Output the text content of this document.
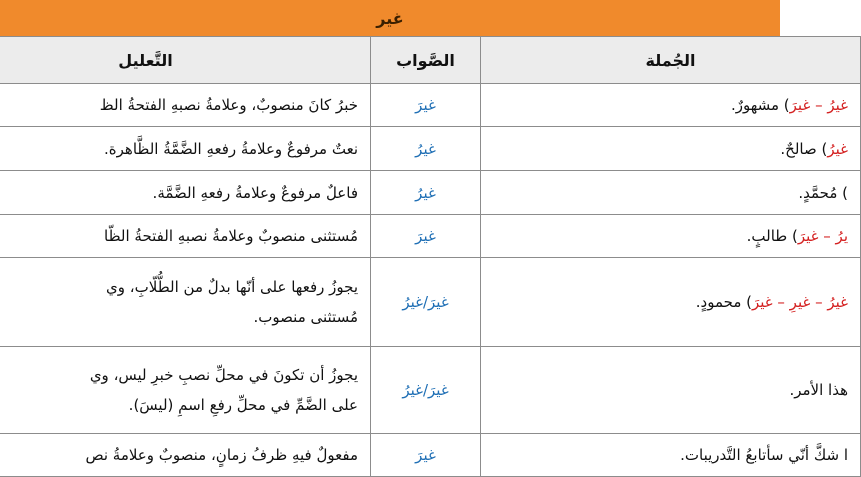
غير
الجُملة	الصَّواب	التَّعليل
غيرُ – غيرَ) مشهورٌ.	غيرَ	خبرُ كانَ منصوبٌ، وعلامةُ نصبهِ الفتحةُ الظ

غيرُ) صالحٌ.	غيرُ	نعتٌ مرفوعٌ وعلامةُ رفعهِ الضَّمَّةُ الظَّاهرة.

) مُحمَّدٍ.	غيرُ	فاعلٌ مرفوعٌ وعلامةُ رفعهِ الضَّمَّة.

يرُ – غيرَ) طالبٍ.	غيرَ	مُستثنى منصوبٌ وعلامةُ نصبهِ الفتحةُ الظّا

غيرُ – غيرِ – غيرَ) محمودٍ.	غيرَ/غيرُ	يجوزُ رفعها على أنّها بدلٌ من الطُّلّابِ، وي
مُستثنى منصوب.

هذا الأمر.	غيرَ/غيرُ	يجوزُ أن تكونَ في محلِّ نصبِ خبرِ ليس، وي
على الضَّمِّ في محلِّ رفعِ اسمِ (ليسَ).

ا شكَّ أنّي سأتابعُ التَّدريبات.	غيرَ	مفعولٌ فيهِ ظرفُ زمانٍ، منصوبٌ وعلامةُ نص
